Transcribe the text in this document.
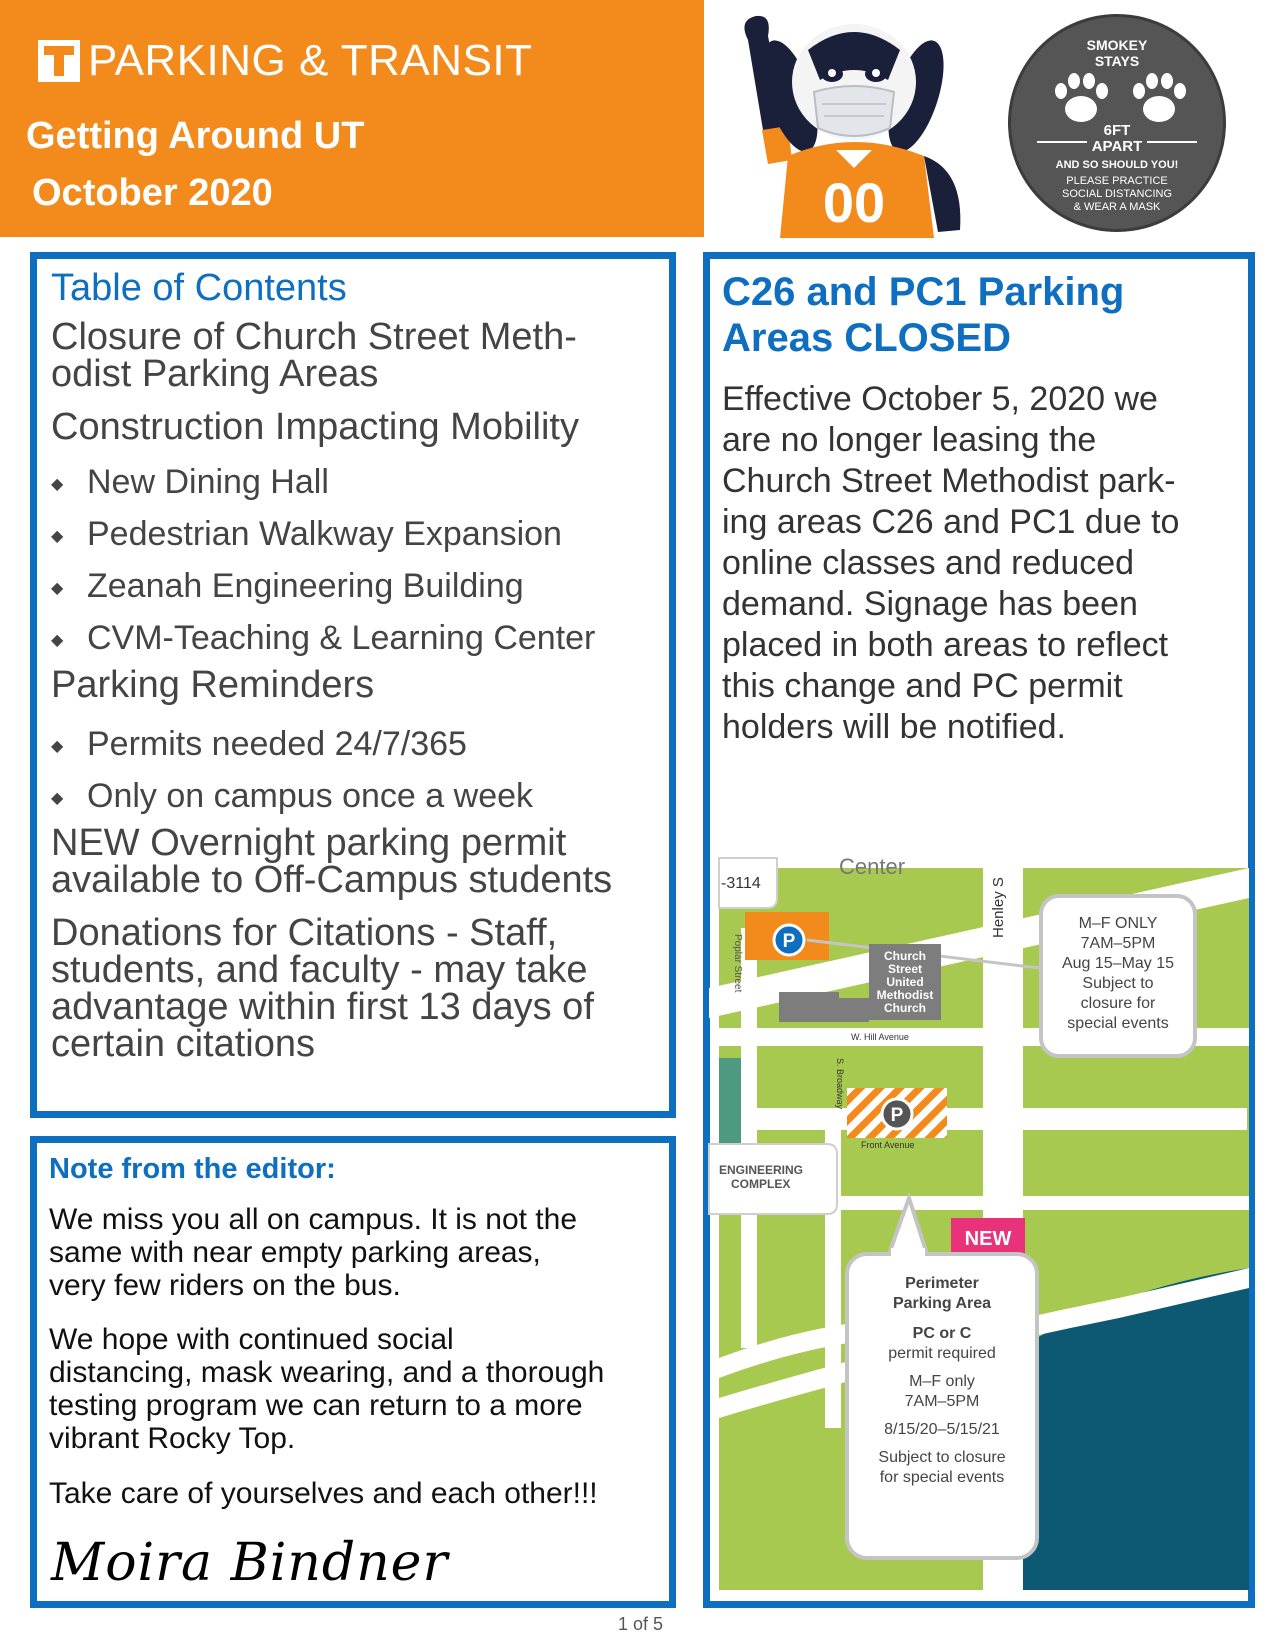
PARKING & TRANSIT
Getting Around UT
October 2020	00
SMOKEY
STAYS
6FT
APART
AND SO SHOULD YOU!
PLEASE PRACTICE
SOCIAL DISTANCING
& WEAR A MASK
Table of Contents
Closure of Church Street Meth-
odist Parking Areas
Construction Impacting Mobility
◆ New Dining Hall
◆ Pedestrian Walkway Expansion
◆ Zeanah Engineering Building
◆ CVM-Teaching & Learning Center
Parking Reminders
◆ Permits needed 24/7/365
◆ Only on campus once a week
NEW Overnight parking permit
available to Off-Campus students
Donations for Citations - Staff,
students, and faculty - may take
advantage within first 13 days of
certain citations
Note from the editor:
We miss you all on campus. It is not the
same with near empty parking areas,
very few riders on the bus.
We hope with continued social
distancing, mask wearing, and a thorough
testing program we can return to a more
vibrant Rocky Top.
Take care of yourselves and each other!!!
Moira Bindner
C26 and PC1 Parking
Areas CLOSED
Effective October 5, 2020 we
are no longer leasing the
Church Street Methodist park-
ing areas C26 and PC1 due to
online classes and reduced
demand. Signage has been
placed in both areas to reflect
this change and PC permit
holders will be notified.
-3114
Center
Henley S
Poplar Street P
Church
Street
United
Methodist
Church
W. Hill Avenue
S. Broadway
P
Front Avenue
ENGINEERING
COMPLEX
M–F ONLY
7AM–5PM
Aug 15–May 15
Subject to
closure for
special events
NEW
Perimeter
Parking Area
PC or C
permit required
M–F only
7AM–5PM
8/15/20–5/15/21
Subject to closure
for special events
1 of 5
